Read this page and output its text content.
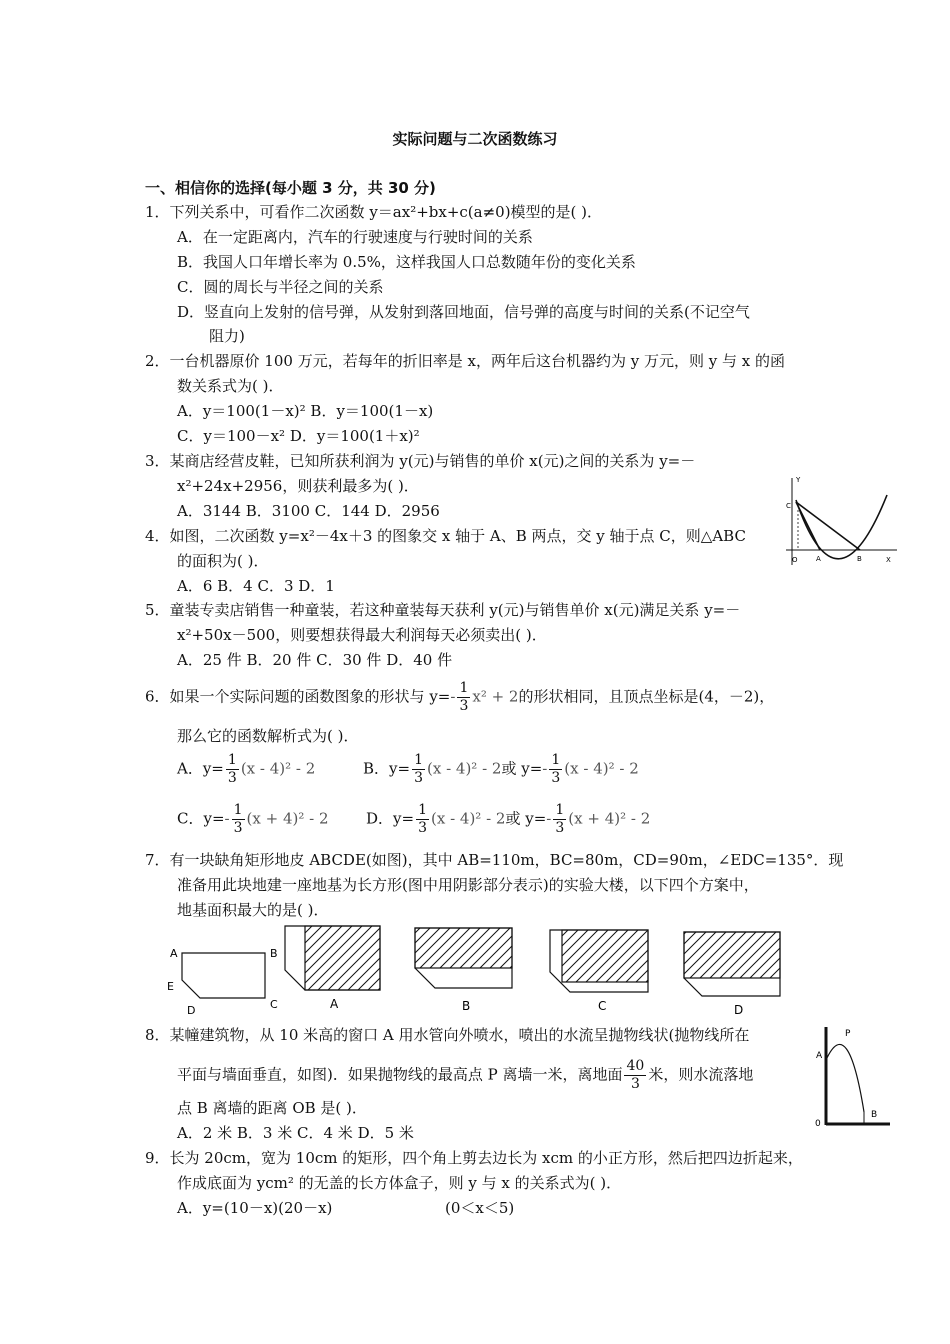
实际问题与二次函数练习
一、相信你的选择(每小题 3 分，共 30 分)
1．下列关系中，可看作二次函数 y＝ax²+bx+c(a≠0)模型的是( )．
A．在一定距离内，汽车的行驶速度与行驶时间的关系
B．我国人口年增长率为 0.5%，这样我国人口总数随年份的变化关系
C．圆的周长与半径之间的关系
D．竖直向上发射的信号弹，从发射到落回地面，信号弹的高度与时间的关系(不记空气
阻力)
2．一台机器原价 100 万元，若每年的折旧率是 x，两年后这台机器约为 y 万元，则 y 与 x 的函
数关系式为( )．
A．y＝100(1－x)² B．y＝100(1－x)
C．y＝100－x² D．y＝100(1＋x)²
3．某商店经营皮鞋，已知所获利润为 y(元)与销售的单价 x(元)之间的关系为 y=－
x²+24x+2956，则获利最多为( )．
A．3144 B．3100 C．144 D．2956
4．如图，二次函数 y=x²－4x＋3 的图象交 x 轴于 A、B 两点，交 y 轴于点 C，则△ABC
的面积为( )．
A．6 B．4 C．3 D．1
Y
X
O	A	B
C
5．童装专卖店销售一种童装，若这种童装每天获利 y(元)与销售单价 x(元)满足关系 y=－
x²+50x－500，则要想获得最大利润每天必须卖出( )．
A．25 件 B．20 件 C．30 件 D．40 件
6．如果一个实际问题的函数图象的形状与 $y=- \frac{1}{3} x^2 + 2$的形状相同，且顶点坐标是(4，－2)，
那么它的函数解析式为( )．
A．$y= \frac{1}{3} (x - 4)^2 - 2$	B．$y= \frac{1}{3} (x - 4)^2 - 2$或 $y=- \frac{1}{3} (x - 4)^2 - 2$
C．$y=- \frac{1}{3} (x + 4)^2 - 2$ D．$y= \frac{1}{3} (x - 4)^2 - 2$或 $y=- \frac{1}{3} (x + 4)^2 - 2$
7．有一块缺角矩形地皮 ABCDE(如图)，其中 AB=110m，BC=80m，CD=90m，∠EDC=135°．现
准备用此块地建一座地基为长方形(图中用阴影部分表示)的实验大楼，以下四个方案中，
地基面积最大的是( )．
A	B
C
D
E
A	B	C	D
8．某幢建筑物，从 10 米高的窗口 A 用水管向外喷水，喷出的水流呈抛物线状(抛物线所在
平面与墙面垂直，如图)．如果抛物线的最高点 P 离墙一米，离地面 $\frac{40}{3}$ 米，则水流落地
点 B 离墙的距离 OB 是( )．
A．2 米 B．3 米 C．4 米 D．5 米
A
P
0
B
9．长为 20cm，宽为 10cm 的矩形，四个角上剪去边长为 xcm 的小正方形，然后把四边折起来，
作成底面为 ycm² 的无盖的长方体盒子，则 y 与 x 的关系式为( )．
A．y=(10－x)(20－x)	(0＜x＜5)
